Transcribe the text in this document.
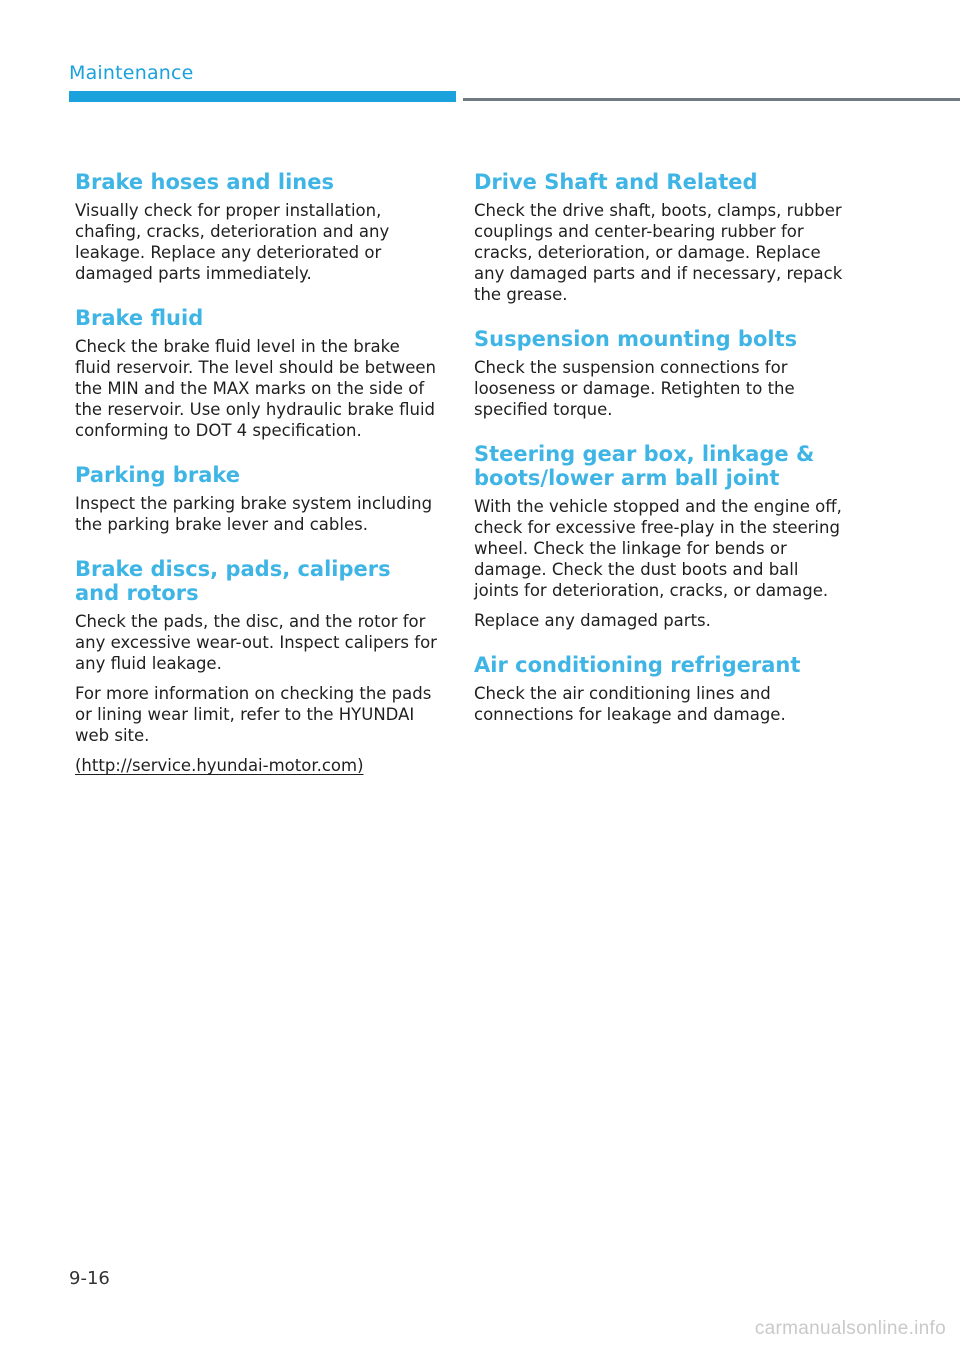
Maintenance
Brake hoses and lines

Visually check for proper installation, chafing, cracks, deterioration and any leakage. Replace any deteriorated or damaged parts immediately.

Brake fluid

Check the brake fluid level in the brake fluid reservoir. The level should be between the MIN and the MAX marks on the side of the reservoir. Use only hydraulic brake fluid conforming to DOT 4 specification.

Parking brake

Inspect the parking brake system including the parking brake lever and cables.

Brake discs, pads, calipers and rotors

Check the pads, the disc, and the rotor for any excessive wear-out. Inspect calipers for any fluid leakage.

For more information on checking the pads or lining wear limit, refer to the HYUNDAI web site.

(http://service.hyundai-motor.com)
Drive Shaft and Related

Check the drive shaft, boots, clamps, rubber couplings and center-bearing rubber for cracks, deterioration, or damage. Replace any damaged parts and if necessary, repack the grease.

Suspension mounting bolts

Check the suspension connections for looseness or damage. Retighten to the specified torque.

Steering gear box, linkage & boots/lower arm ball joint

With the vehicle stopped and the engine off, check for excessive free-play in the steering wheel. Check the linkage for bends or damage. Check the dust boots and ball joints for deterioration, cracks, or damage.

Replace any damaged parts.

Air conditioning refrigerant

Check the air conditioning lines and connections for leakage and damage.

9-16
carmanualsonline.info
